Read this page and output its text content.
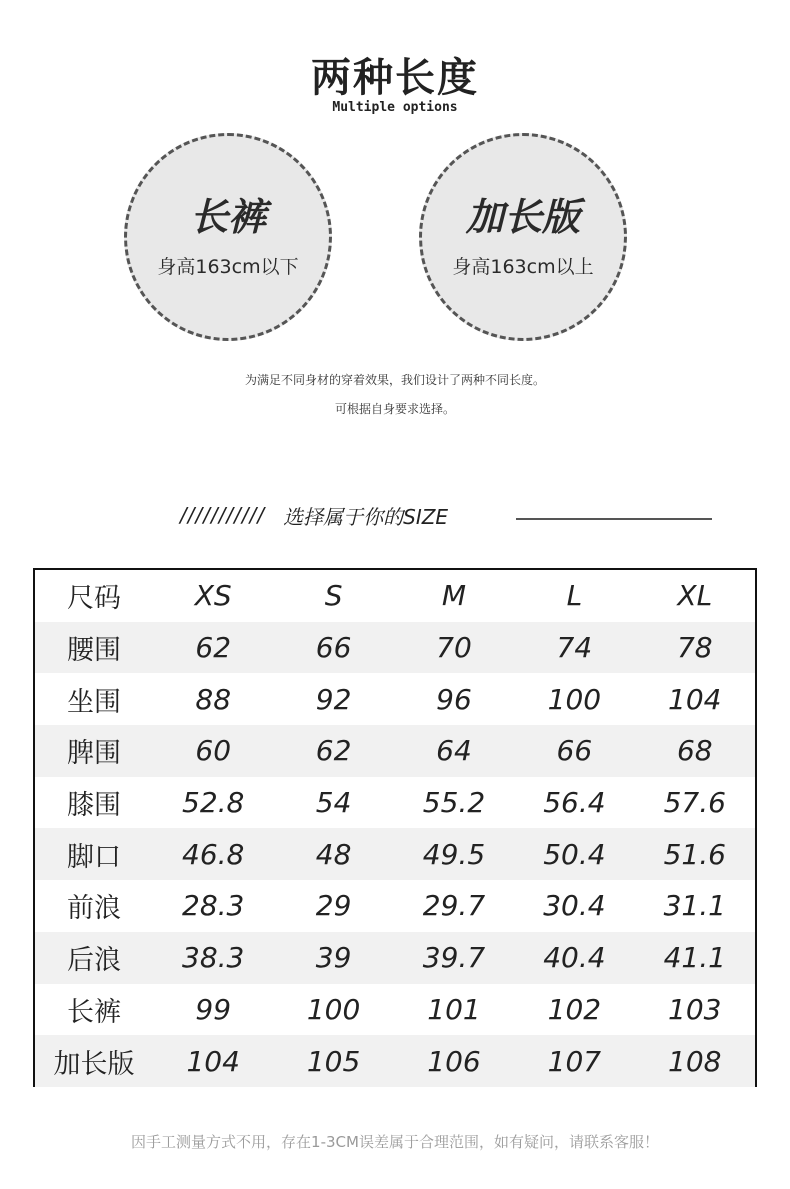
两种长度
Multiple options
长裤
身高163cm以下
加长版
身高163cm以上
为满足不同身材的穿着效果，我们设计了两种不同长度。
可根据自身要求选择。
/////////// 选择属于你的SIZE
尺码	XS	S	M	L	XL
腰围	62	66	70	74	78
坐围	88	92	96	100	104
脾围	60	62	64	66	68
膝围	52.8	54	55.2	56.4	57.6
脚口	46.8	48	49.5	50.4	51.6
前浪	28.3	29	29.7	30.4	31.1
后浪	38.3	39	39.7	40.4	41.1
长裤	99	100	101	102	103
加长版	104	105	106	107	108
因手工测量方式不用，存在1-3CM误差属于合理范围，如有疑问，请联系客服！
